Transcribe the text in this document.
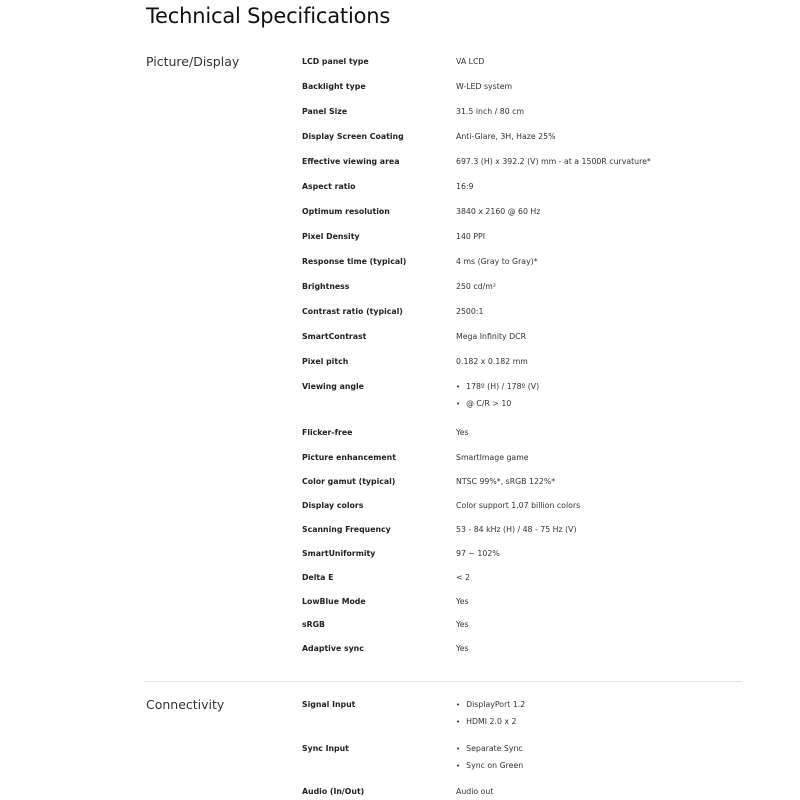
Technical Specifications
Picture/Display	LCD panel type	VA LCD
Backlight type	W-LED system
Panel Size	31.5 inch / 80 cm
Display Screen Coating	Anti-Glare, 3H, Haze 25%
Effective viewing area	697.3 (H) x 392.2 (V) mm - at a 1500R curvature*
Aspect ratio	16:9
Optimum resolution	3840 x 2160 @ 60 Hz
Pixel Density	140 PPI
Response time (typical)	4 ms (Gray to Gray)*
Brightness	250 cd/m²
Contrast ratio (typical)	2500:1
SmartContrast	Mega Infinity DCR
Pixel pitch	0.182 x 0.182 mm
Viewing angle	• 178º (H) / 178º (V)
• @ C/R > 10
Flicker-free	Yes
Picture enhancement	SmartImage game
Color gamut (typical)	NTSC 99%*, sRGB 122%*
Display colors	Color support 1.07 billion colors
Scanning Frequency	53 - 84 kHz (H) / 48 - 75 Hz (V)
SmartUniformity	97 ~ 102%
Delta E	< 2
LowBlue Mode	Yes
sRGB	Yes
Adaptive sync	Yes
Connectivity	Signal Input	• DisplayPort 1.2
• HDMI 2.0 x 2
Sync Input	• Separate Sync
• Sync on Green
Audio (In/Out)	Audio out
